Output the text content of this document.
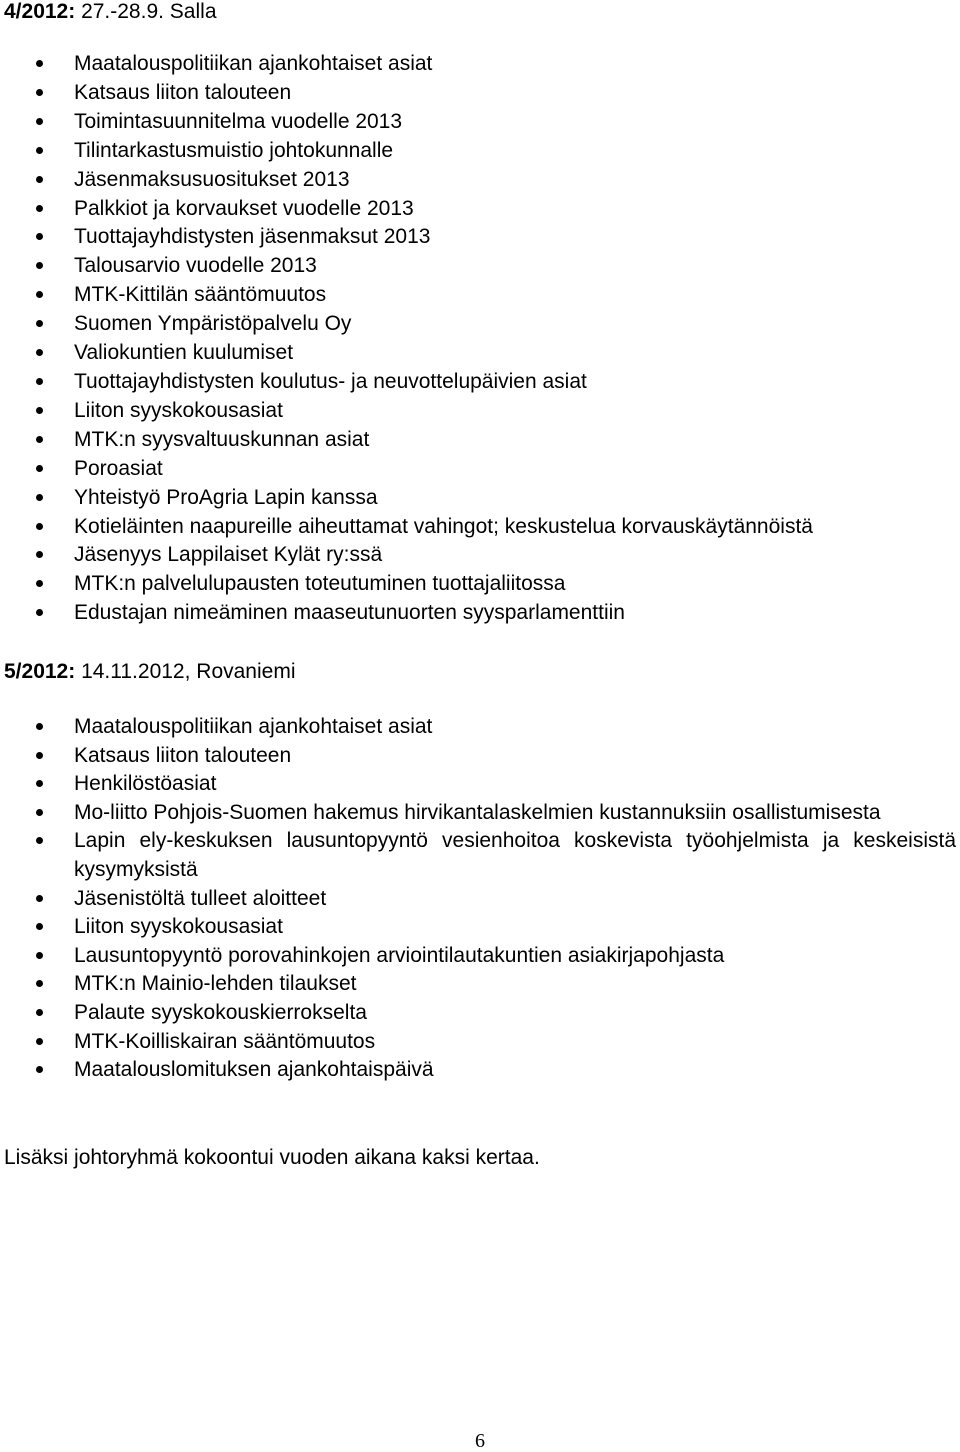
4/2012: 27.-28.9. Salla
Maatalouspolitiikan ajankohtaiset asiat
Katsaus liiton talouteen
Toimintasuunnitelma vuodelle 2013
Tilintarkastusmuistio johtokunnalle
Jäsenmaksusuositukset 2013
Palkkiot ja korvaukset vuodelle 2013
Tuottajayhdistysten jäsenmaksut 2013
Talousarvio vuodelle 2013
MTK-Kittilän sääntömuutos
Suomen Ympäristöpalvelu Oy
Valiokuntien kuulumiset
Tuottajayhdistysten koulutus- ja neuvottelupäivien asiat
Liiton syyskokousasiat
MTK:n syysvaltuuskunnan asiat
Poroasiat
Yhteistyö ProAgria Lapin kanssa
Kotieläinten naapureille aiheuttamat vahingot; keskustelua korvauskäytännöistä
Jäsenyys Lappilaiset Kylät ry:ssä
MTK:n palvelulupausten toteutuminen tuottajaliitossa
Edustajan nimeäminen maaseutunuorten syysparlamenttiin
5/2012: 14.11.2012, Rovaniemi
Maatalouspolitiikan ajankohtaiset asiat
Katsaus liiton talouteen
Henkilöstöasiat
Mo-liitto Pohjois-Suomen hakemus hirvikantalaskelmien kustannuksiin osallistumisesta
Lapin ely-keskuksen lausuntopyyntö vesienhoitoa koskevista työohjelmista ja keskeisistä kysymyksistä
Jäsenistöltä tulleet aloitteet
Liiton syyskokousasiat
Lausuntopyyntö porovahinkojen arviointilautakuntien asiakirjapohjasta
MTK:n Mainio-lehden tilaukset
Palaute syyskokouskierrokselta
MTK-Koilliskairan sääntömuutos
Maatalouslomituksen ajankohtaispäivä
Lisäksi johtoryhmä kokoontui vuoden aikana kaksi kertaa.
6
